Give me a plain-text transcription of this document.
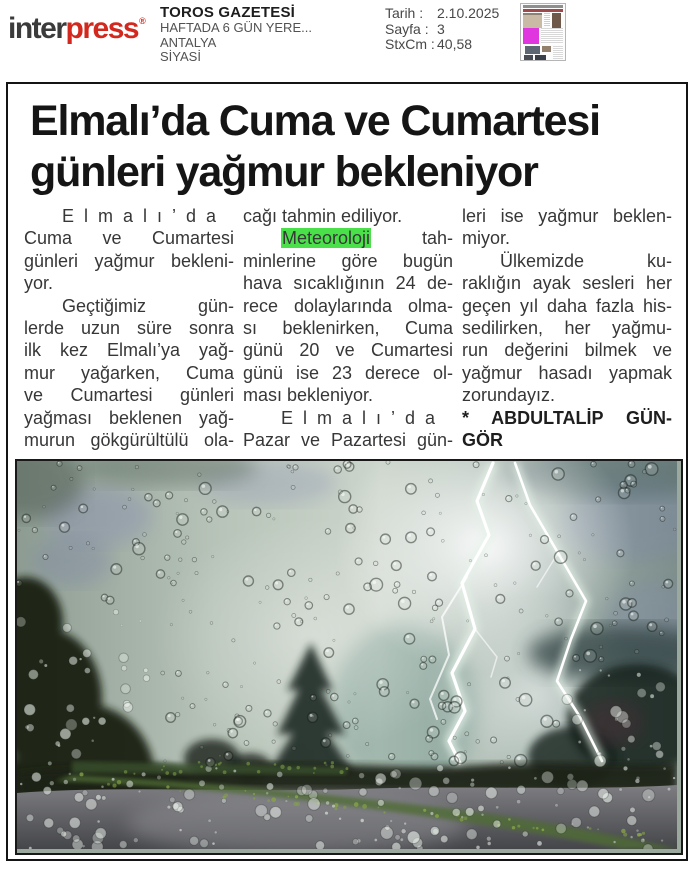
interpress® TOROS GAZETESİ
HAFTADA 6 GÜN YERE...
ANTALYA
SİYASİ
Tarih : 2.10.2025
Sayfa : 3
StxCm : 40,58
Elmalı’da Cuma ve Cumartesi
günleri yağmur bekleniyor
Elmalı’da
Cuma ve Cumartesi
günleri yağmur bekleni-
yor.
Geçtiğimiz gün-
lerde uzun süre sonra
ilk kez Elmalı’ya yağ-
mur yağarken, Cuma
ve Cumartesi günleri
yağması beklenen yağ-
murun gökgürültülü ola-
cağı tahmin ediliyor.
Meteoroloji tah-
minlerine göre bugün
hava sıcaklığının 24 de-
rece dolaylarında olma-
sı beklenirken, Cuma
günü 20 ve Cumartesi
günü ise 23 derece ol-
ması bekleniyor.
Elmalı’da
Pazar ve Pazartesi gün-
leri ise yağmur beklen-
miyor.
Ülkemizde ku-
raklığın ayak sesleri her
geçen yıl daha fazla his-
sedilirken, her yağmu-
run değerini bilmek ve
yağmur hasadı yapmak
zorundayız.
* ABDULTALİP GÜN-
GÖR
